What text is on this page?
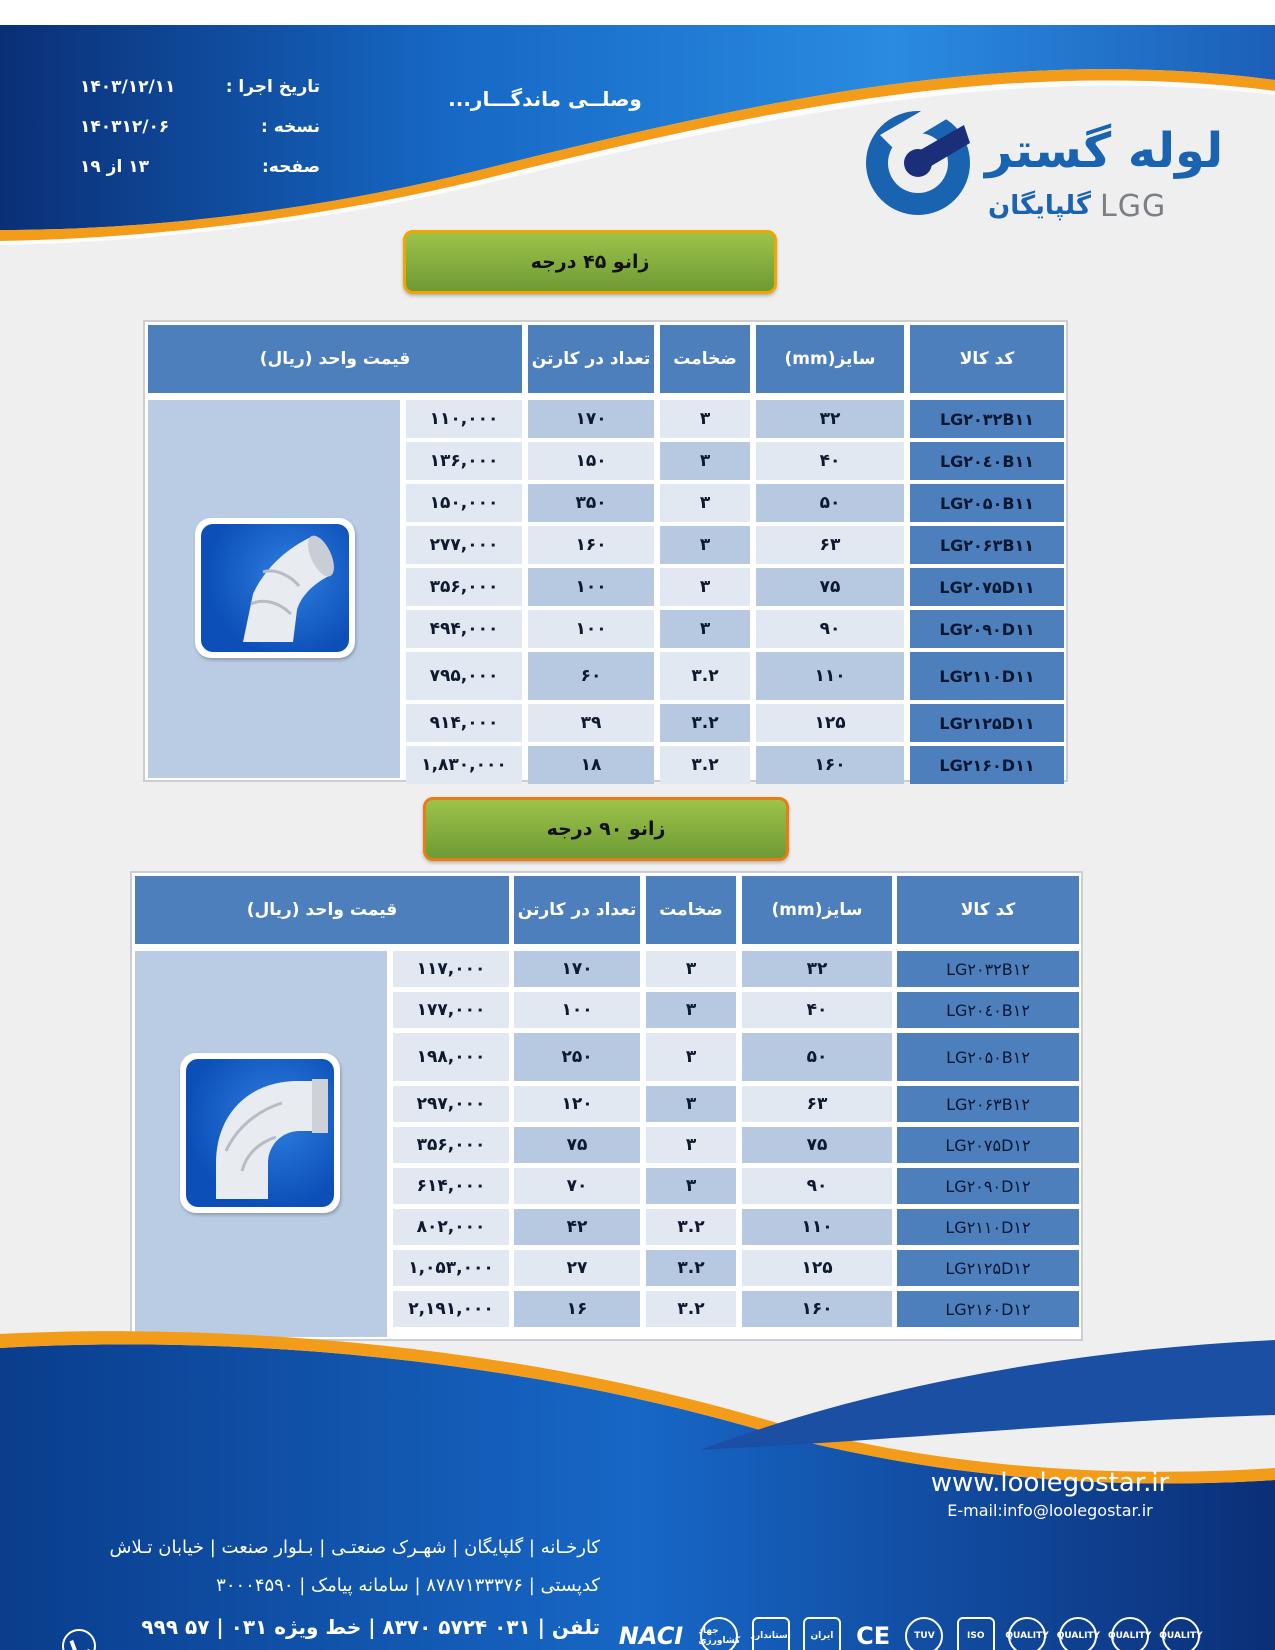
تاریخ اجرا :
۱۴۰۳/۱۲/۱۱
نسخه :
۱۴۰۳۱۲/۰۶
صفحه:
۱۳ از ۱۹
وصلــی ماندگـــار...
لوله گستر
گلپایگان LGG
زانو ۴۵ درجه
قیمت واحد (ریال)	تعداد در کارتن	ضخامت	سایز(mm)	کد کالا
۱۱۰,۰۰۰	۱۷۰	۳	۳۲	LG۲۰۳۲B۱۱
۱۳۶,۰۰۰	۱۵۰	۳	۴۰	LG۲۰٤۰B۱۱
۱۵۰,۰۰۰	۳۵۰	۳	۵۰	LG۲۰۵۰B۱۱
۲۷۷,۰۰۰	۱۶۰	۳	۶۳	LG۲۰۶۳B۱۱
۳۵۶,۰۰۰	۱۰۰	۳	۷۵	LG۲۰۷۵D۱۱
۴۹۴,۰۰۰	۱۰۰	۳	۹۰	LG۲۰۹۰D۱۱
۷۹۵,۰۰۰	۶۰	۳.۲	۱۱۰	LG۲۱۱۰D۱۱
۹۱۴,۰۰۰	۳۹	۳.۲	۱۲۵	LG۲۱۲۵D۱۱
۱,۸۳۰,۰۰۰	۱۸	۳.۲	۱۶۰	LG۲۱۶۰D۱۱
زانو ۹۰ درجه
قیمت واحد (ریال)	تعداد در کارتن	ضخامت	سایز(mm)	کد کالا
۱۱۷,۰۰۰	۱۷۰	۳	۳۲	LG۲۰۳۲B۱۲
۱۷۷,۰۰۰	۱۰۰	۳	۴۰	LG۲۰٤۰B۱۲
۱۹۸,۰۰۰	۲۵۰	۳	۵۰	LG۲۰۵۰B۱۲
۲۹۷,۰۰۰	۱۲۰	۳	۶۳	LG۲۰۶۳B۱۲
۳۵۶,۰۰۰	۷۵	۳	۷۵	LG۲۰۷۵D۱۲
۶۱۴,۰۰۰	۷۰	۳	۹۰	LG۲۰۹۰D۱۲
۸۰۲,۰۰۰	۴۲	۳.۲	۱۱۰	LG۲۱۱۰D۱۲
۱,۰۵۳,۰۰۰	۲۷	۳.۲	۱۲۵	LG۲۱۲۵D۱۲
۲,۱۹۱,۰۰۰	۱۶	۳.۲	۱۶۰	LG۲۱۶۰D۱۲
www.loolegostar.ir
E-mail:info@loolegostar.ir
کارخـانه | گلپایگان | شهـرک صنعتـی | بـلوار صنعت | خیابان تـلاش
کدپستی | ۸۷۸۷۱۳۳۳۷۶ | سامانه پیامک | ۳۰۰۰۴۵۹۰
تلفن | ۰۳۱ ۵۷۲۴ ۸۳۷۰ | خط ویژه ۰۳۱ | ۵۷ ۹۹۹ NACI	جهاد کشاورزی استاندارد	ایران CE	TUV	ISO	QUALITY QUALITY QUALITY QUALITY
